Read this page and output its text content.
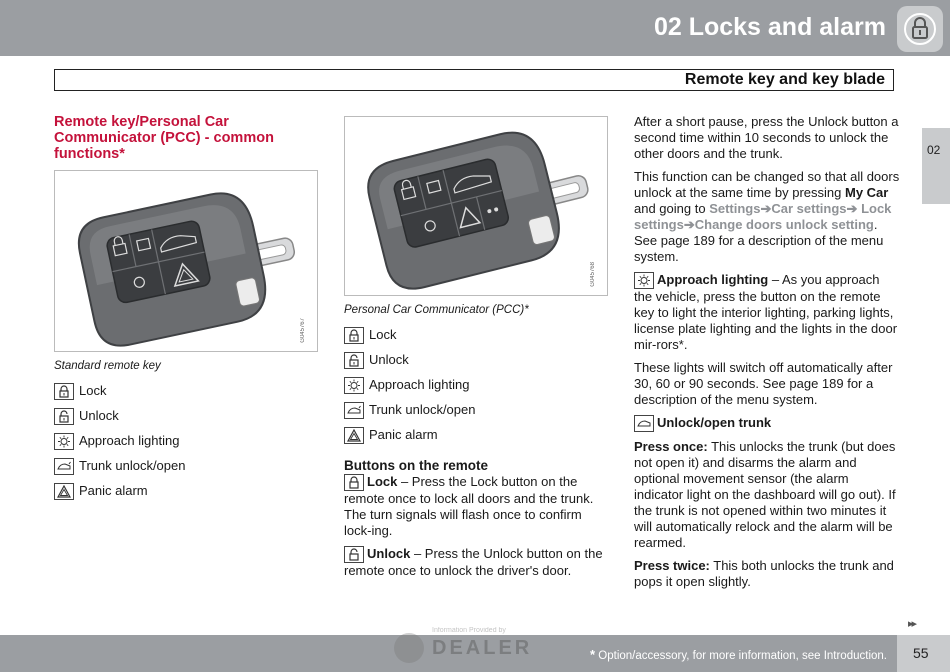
02 Locks and alarm
Remote key and key blade
02
Remote key/Personal Car Communicator (PCC) - common functions*
G045767
Standard remote key
Lock
Unlock
Approach lighting
Trunk unlock/open
Panic alarm
G045768
Personal Car Communicator (PCC)*
Lock
Unlock
Approach lighting
Trunk unlock/open
Panic alarm
Buttons on the remote

Lock – Press the Lock button on the remote once to lock all doors and the trunk. The turn signals will flash once to confirm lock-ing.

Unlock – Press the Unlock button on the remote once to unlock the driver's door.

After a short pause, press the Unlock button a second time within 10 seconds to unlock the other doors and the trunk.

This function can be changed so that all doors unlock at the same time by pressing My Car and going to Settings➔Car settings➔ Lock settings➔Change doors unlock setting. See page 189 for a description of the menu system.

Approach lighting – As you approach the vehicle, press the button on the remote key to light the interior lighting, parking lights, license plate lighting and the lights in the door mir-rors*.

These lights will switch off automatically after 30, 60 or 90 seconds. See page 189 for a description of the menu system.

Unlock/open trunk

Press once: This unlocks the trunk (but does not open it) and disarms the alarm and optional movement sensor (the alarm indicator light on the dashboard will go out). If the trunk is not opened within two minutes it will automatically relock and the alarm will be rearmed.

Press twice: This both unlocks the trunk and pops it open slightly.

▸▸
* Option/accessory, for more information, see Introduction. 55
Information Provided by
DEALER
